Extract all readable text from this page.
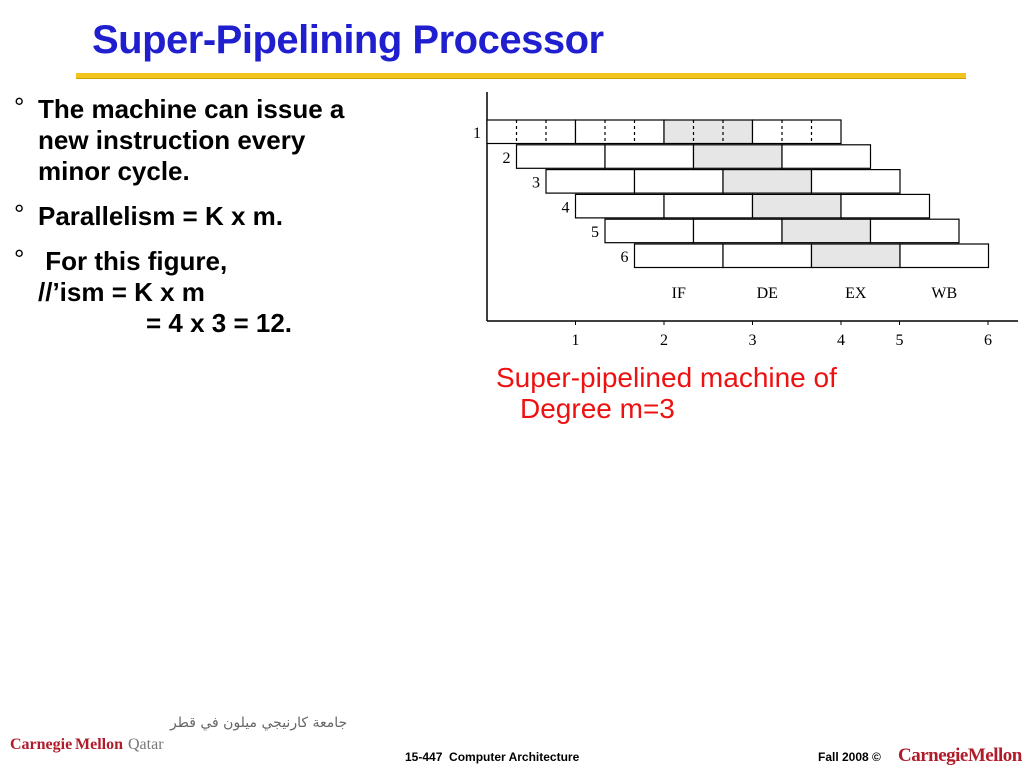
Super-Pipelining Processor
° The machine can issue a
new instruction every
minor cycle.
° Parallelism = K x m.
° For this figure,
//’ism = K x m
= 4 x 3 = 12.
1
2
3
4
5
6
IF	DE	EX	WB
1	2	3	4	5	6
Super-pipelined machine of
Degree m=3
جامعة كارنيجي ميلون في قطر
Carnegie Mellon Qatar
15-447  Computer Architecture	Fall 2008 © CarnegieMellon
